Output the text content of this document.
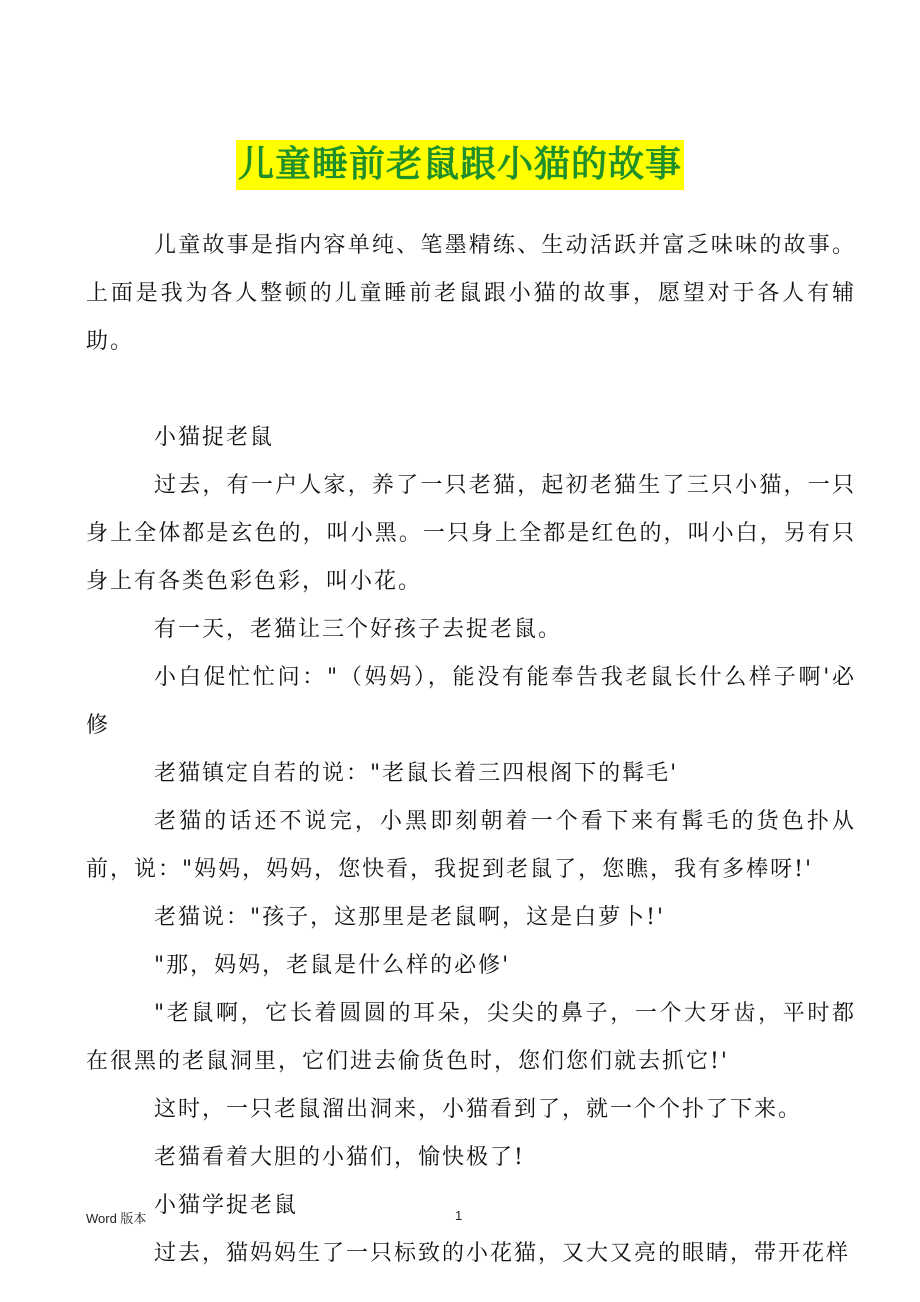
儿童睡前老鼠跟小猫的故事

儿童故事是指内容单纯、笔墨精练、生动活跃并富乏味味的故事。上面是我为各人整顿的儿童睡前老鼠跟小猫的故事，愿望对于各人有辅助。

小猫捉老鼠

过去，有一户人家，养了一只老猫，起初老猫生了三只小猫，一只身上全体都是玄色的，叫小黑。一只身上全都是红色的，叫小白，另有只身上有各类色彩色彩，叫小花。

有一天，老猫让三个好孩子去捉老鼠。

小白促忙忙问："（妈妈），能没有能奉告我老鼠长什么样子啊'必修

老猫镇定自若的说："老鼠长着三四根阁下的髯毛'

老猫的话还不说完，小黑即刻朝着一个看下来有髯毛的货色扑从前，说："妈妈，妈妈，您快看，我捉到老鼠了，您瞧，我有多棒呀!'

老猫说："孩子，这那里是老鼠啊，这是白萝卜!'

"那，妈妈，老鼠是什么样的必修'

"老鼠啊，它长着圆圆的耳朵，尖尖的鼻子，一个大牙齿，平时都在很黑的老鼠洞里，它们进去偷货色时，您们您们就去抓它!'

这时，一只老鼠溜出洞来，小猫看到了，就一个个扑了下来。

老猫看着大胆的小猫们，愉快极了!

小猫学捉老鼠

过去，猫妈妈生了一只标致的小花猫，又大又亮的眼睛，带开花样

Word 版本	1
